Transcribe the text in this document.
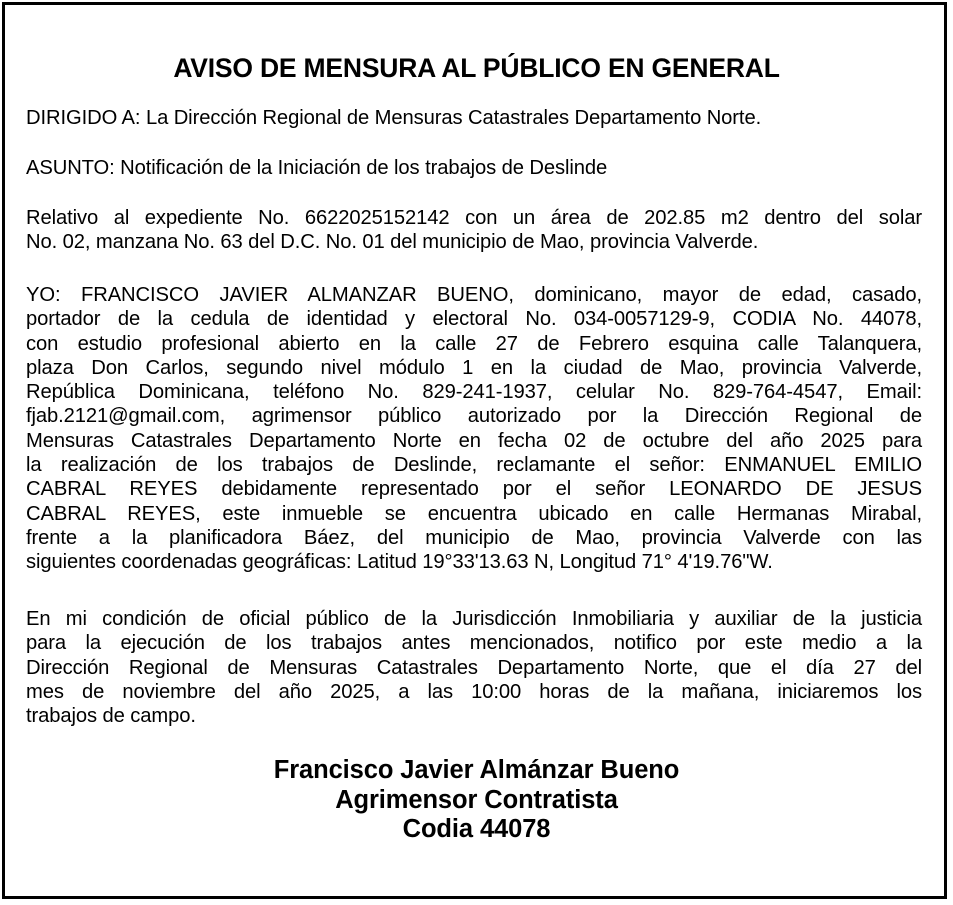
AVISO DE MENSURA AL PÚBLICO EN GENERAL
DIRIGIDO A: La Dirección Regional de Mensuras Catastrales Departamento Norte.
ASUNTO: Notificación de la Iniciación de los trabajos de Deslinde
Relativo al expediente No. 6622025152142 con un área de 202.85 m2 dentro del solar
No. 02, manzana No. 63 del D.C. No. 01 del municipio de Mao, provincia Valverde.
YO: FRANCISCO JAVIER ALMANZAR BUENO, dominicano, mayor de edad, casado,
portador de la cedula de identidad y electoral No. 034-0057129-9, CODIA No. 44078,
con estudio profesional abierto en la calle 27 de Febrero esquina calle Talanquera,
plaza Don Carlos, segundo nivel módulo 1 en la ciudad de Mao, provincia Valverde,
República Dominicana, teléfono No. 829-241-1937, celular No. 829-764-4547, Email:
fjab.2121@gmail.com, agrimensor público autorizado por la Dirección Regional de
Mensuras Catastrales Departamento Norte en fecha 02 de octubre del año 2025 para
la realización de los trabajos de Deslinde, reclamante el señor: ENMANUEL EMILIO
CABRAL REYES debidamente representado por el señor LEONARDO DE JESUS
CABRAL REYES, este inmueble se encuentra ubicado en calle Hermanas Mirabal,
frente a la planificadora Báez, del municipio de Mao, provincia Valverde con las
siguientes coordenadas geográficas: Latitud 19°33'13.63 N, Longitud 71° 4'19.76"W.
En mi condición de oficial público de la Jurisdicción Inmobiliaria y auxiliar de la justicia
para la ejecución de los trabajos antes mencionados, notifico por este medio a la
Dirección Regional de Mensuras Catastrales Departamento Norte, que el día 27 del
mes de noviembre del año 2025, a las 10:00 horas de la mañana, iniciaremos los
trabajos de campo.
Francisco Javier Almánzar Bueno
Agrimensor Contratista
Codia 44078
